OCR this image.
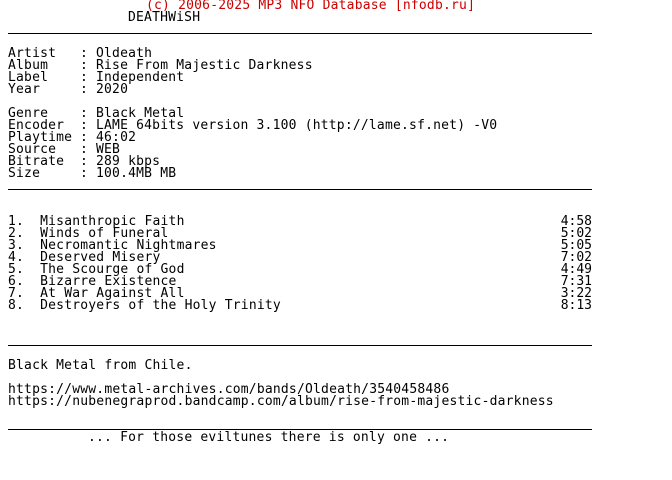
(c) 2006-2025 MP3 NFO Database [nfodb.ru]
DEATHWiSH
Artist : Oldeath
Album : Rise From Majestic Darkness
Label : Independent
Year	: 2020
Genre : Black Metal
Encoder : LAME 64bits version 3.100 (http://lame.sf.net) -V0
Playtime : 46:02
Source : WEB
Bitrate : 289 kbps
Size	: 100.4MB MB
1. Misanthropic Faith	4:58
2. Winds of Funeral	5:02
3. Necromantic Nightmares	5:05
4. Deserved Misery	7:02
5. The Scourge of God	4:49
6. Bizarre Existence	7:31
7. At War Against All	3:22
8. Destroyers of the Holy Trinity	8:13
Black Metal from Chile.
https://www.metal-archives.com/bands/Oldeath/3540458486
https://nubenegraprod.bandcamp.com/album/rise-from-majestic-darkness
... For those eviltunes there is only one ...
